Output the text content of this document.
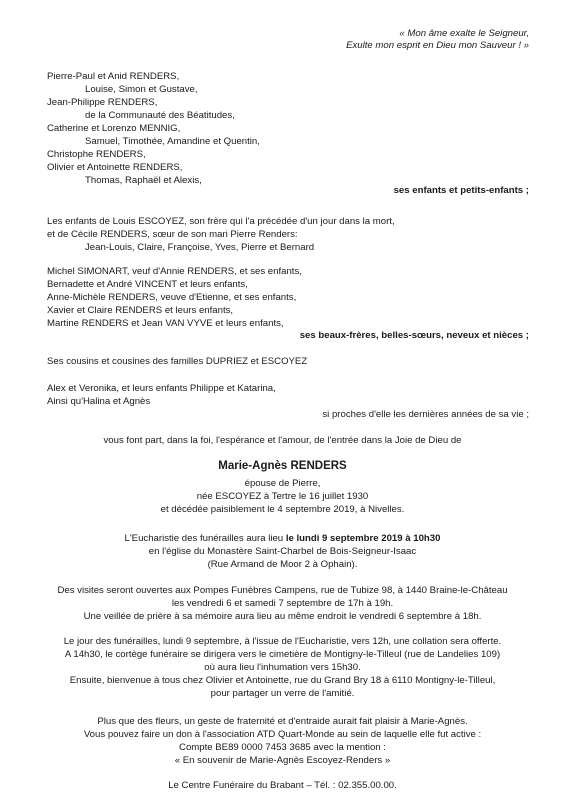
« Mon âme exalte le Seigneur,
Exulte mon esprit en Dieu mon Sauveur ! »
Pierre-Paul et Anid RENDERS,
Louise, Simon et Gustave,
Jean-Philippe RENDERS,
de la Communauté des Béatitudes,
Catherine et Lorenzo MENNIG,
Samuel, Timothée, Amandine et Quentin,
Christophe RENDERS,
Olivier et Antoinette RENDERS,
Thomas, Raphaël et Alexis,
ses enfants et petits-enfants ;
Les enfants de Louis ESCOYEZ, son frère qui l'a précédée d'un jour dans la mort,
et de Cécile RENDERS, sœur de son mari Pierre Renders:
Jean-Louis, Claire, Françoise, Yves, Pierre et Bernard
Michel SIMONART, veuf d'Annie RENDERS, et ses enfants,
Bernadette et André VINCENT et leurs enfants,
Anne-Michèle RENDERS, veuve d'Etienne, et ses enfants,
Xavier et Claire RENDERS et leurs enfants,
Martine RENDERS et Jean VAN VYVE et leurs enfants,
ses beaux-frères, belles-sœurs, neveux et nièces ;
Ses cousins et cousines des familles DUPRIEZ et ESCOYEZ
Alex et Veronika, et leurs enfants Philippe et Katarina,
Ainsi qu'Halina et Agnès
si proches d'elle les dernières années de sa vie ;
vous font part, dans la foi, l'espérance et l'amour, de l'entrée dans la Joie de Dieu de
Marie-Agnès RENDERS
épouse de Pierre,
née ESCOYEZ à Tertre le 16 juillet 1930
et décédée paisiblement le 4 septembre 2019, à Nivelles.
L'Eucharistie des funérailles aura lieu le lundi 9 septembre 2019 à 10h30
en l'église du Monastère Saint-Charbel de Bois-Seigneur-Isaac
(Rue Armand de Moor 2 à Ophain).
Des visites seront ouvertes aux Pompes Funèbres Campens, rue de Tubize 98, à 1440 Braine-le-Château
les vendredi 6 et samedi 7 septembre de 17h à 19h.
Une veillée de prière à sa mémoire aura lieu au même endroit le vendredi 6 septembre à 18h.
Le jour des funérailles, lundi 9 septembre, à l'issue de l'Eucharistie, vers 12h, une collation sera offerte.
A 14h30, le cortège funéraire se dirigera vers le cimetière de Montigny-le-Tilleul (rue de Landelies 109)
où aura lieu l'inhumation vers 15h30.
Ensuite, bienvenue à tous chez Olivier et Antoinette, rue du Grand Bry 18 à 6110 Montigny-le-Tilleul,
pour partager un verre de l'amitié.
Plus que des fleurs, un geste de fraternité et d'entraide aurait fait plaisir à Marie-Agnès.
Vous pouvez faire un don à l'association ATD Quart-Monde au sein de laquelle elle fut active :
Compte BE89 0000 7453 3685 avec la mention :
« En souvenir de Marie-Agnès Escoyez-Renders »
Le Centre Funéraire du Brabant – Tél. : 02.355.00.00.
